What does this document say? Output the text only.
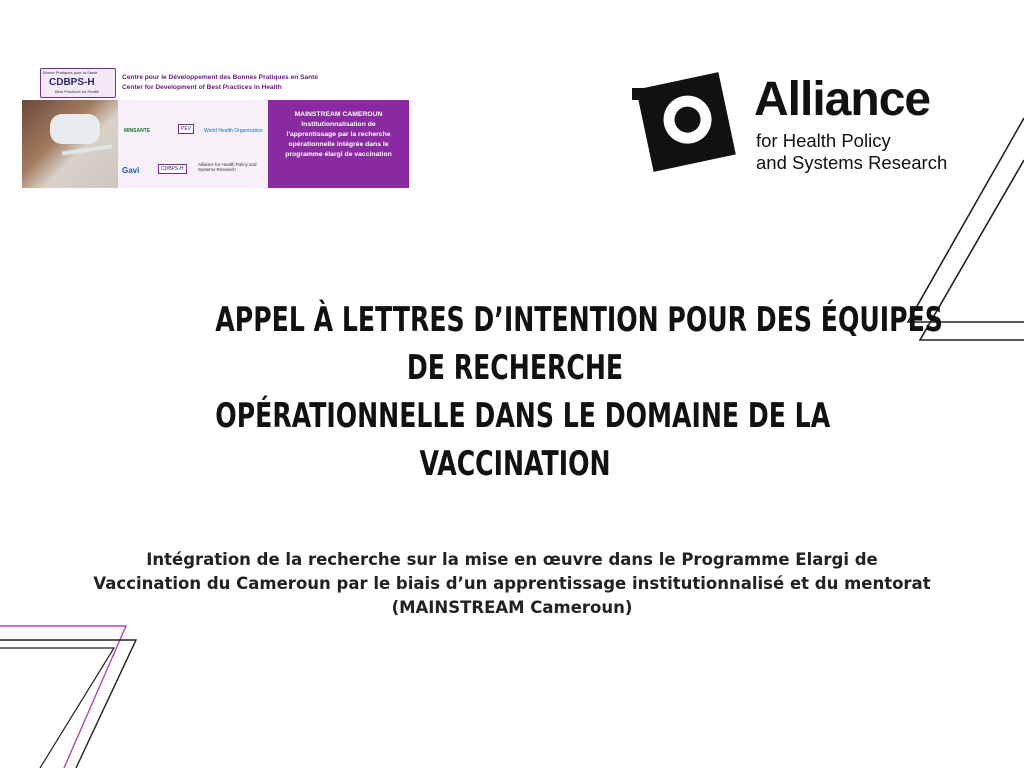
Bonne Pratiques pour la Santé
CDBPS-H
Best Practices for Health
Centre pour le Développement des Bonnes Pratiques en Santé
Center for Development of Best Practices in Health
MINSANTE	PEV	World Health Organization
Gavi	CDBPS-H
Alliance for Health Policy and Systems Research
MAINSTREAM CAMEROUN
Institutionnalisation de
l'apprentissage par la recherche
opérationnelle intégrée dans le
programme élargi de vaccination
Alliance
for Health Policy
and Systems Research
APPEL À LETTRES D’INTENTION POUR DES ÉQUIPES
DE RECHERCHE
OPÉRATIONNELLE DANS LE DOMAINE DE LA
VACCINATION
Intégration de la recherche sur la mise en œuvre dans le Programme Elargi de
Vaccination du Cameroun par le biais d’un apprentissage institutionnalisé et du mentorat
(MAINSTREAM Cameroun)
